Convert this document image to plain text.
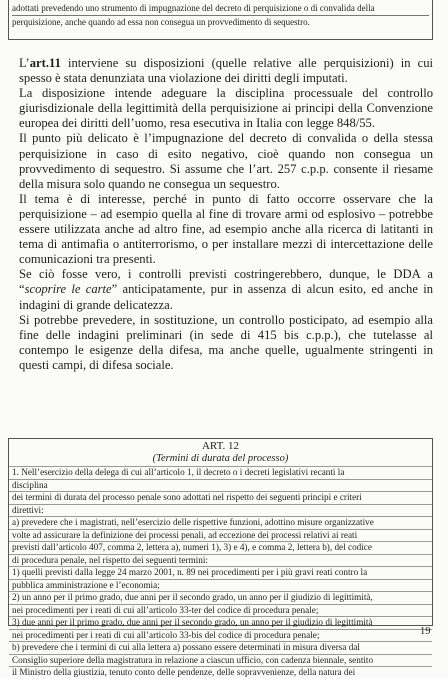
adottati prevedendo uno strumento di impugnazione del decreto di perquisizione o di convalida della
perquisizione, anche quando ad essa non consegua un provvedimento di sequestro.

L’art.11 interviene su disposizioni (quelle relative alle perquisizioni) in cui spesso è stata denunziata una violazione dei diritti degli imputati.

La disposizione intende adeguare la disciplina processuale del controllo giurisdizionale della legittimità della perquisizione ai principi della Convenzione europea dei diritti dell’uomo, resa esecutiva in Italia con legge 848/55.

Il punto più delicato è l’impugnazione del decreto di convalida o della stessa perquisizione in caso di esito negativo, cioè quando non consegua un provvedimento di sequestro. Si assume che l’art. 257 c.p.p. consente il riesame della misura solo quando ne consegua un sequestro.

Il tema è di interesse, perché in punto di fatto occorre osservare che la perquisizione – ad esempio quella al fine di trovare armi od esplosivo – potrebbe essere utilizzata anche ad altro fine, ad esempio anche alla ricerca di latitanti in tema di antimafia o antiterrorismo, o per installare mezzi di intercettazione delle comunicazioni tra presenti.

Se ciò fosse vero, i controlli previsti costringerebbero, dunque, le DDA a “scoprire le carte” anticipatamente, pur in assenza di alcun esito, ed anche in indagini di grande delicatezza.

Si potrebbe prevedere, in sostituzione, un controllo posticipato, ad esempio alla fine delle indagini preliminari (in sede di 415 bis c.p.p.), che tutelasse al contempo le esigenze della difesa, ma anche quelle, ugualmente stringenti in questi campi, di difesa sociale.

ART. 12
(Termini di durata del processo)
1. Nell’esercizio della delega di cui all’articolo 1, il decreto o i decreti legislativi recanti la
disciplina
dei termini di durata del processo penale sono adottati nel rispetto dei seguenti principi e criteri
direttivi:
a) prevedere che i magistrati, nell’esercizio delle rispettive funzioni, adottino misure organizzative
volte ad assicurare la definizione dei processi penali, ad eccezione dei processi relativi ai reati
previsti dall’articolo 407, comma 2, lettera a), numeri 1), 3) e 4), e comma 2, lettera b), del codice
di procedura penale, nel rispetto dei seguenti termini:
1) quelli previsti dalla legge 24 marzo 2001, n. 89 nei procedimenti per i più gravi reati contro la
pubblica amministrazione e l’economia;
2) un anno per il primo grado, due anni per il secondo grado, un anno per il giudizio di legittimità,
nei procedimenti per i reati di cui all’articolo 33-ter del codice di procedura penale;
3) due anni per il primo grado, due anni per il secondo grado, un anno per il giudizio di legittimità
nei procedimenti per i reati di cui all’articolo 33-bis del codice di procedura penale;
b) prevedere che i termini di cui alla lettera a) possano essere determinati in misura diversa dal
Consiglio superiore della magistratura in relazione a ciascun ufficio, con cadenza biennale, sentito
il Ministro della giustizia, tenuto conto delle pendenze, delle sopravvenienze, della natura dei
19
